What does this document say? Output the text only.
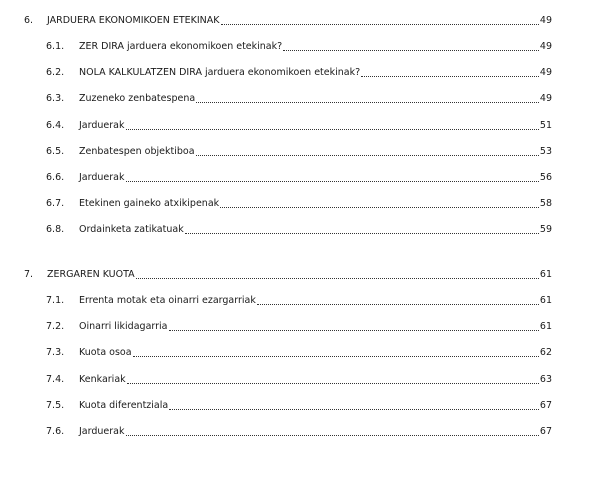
6.	JARDUERA EKONOMIKOEN ETEKINAK	49
6.1.	ZER DIRA jarduera ekonomikoen etekinak?	49
6.2.	NOLA KALKULATZEN DIRA jarduera ekonomikoen etekinak?	49
6.3.	Zuzeneko zenbatespena	49
6.4.	Jarduerak	51
6.5.	Zenbatespen objektiboa	53
6.6.	Jarduerak	56
6.7.	Etekinen gaineko atxikipenak	58
6.8.	Ordainketa zatikatuak	59
7.	ZERGAREN KUOTA	61
7.1.	Errenta motak eta oinarri ezargarriak	61
7.2.	Oinarri likidagarria	61
7.3.	Kuota osoa	62
7.4.	Kenkariak	63
7.5.	Kuota diferentziala	67
7.6.	Jarduerak	67
